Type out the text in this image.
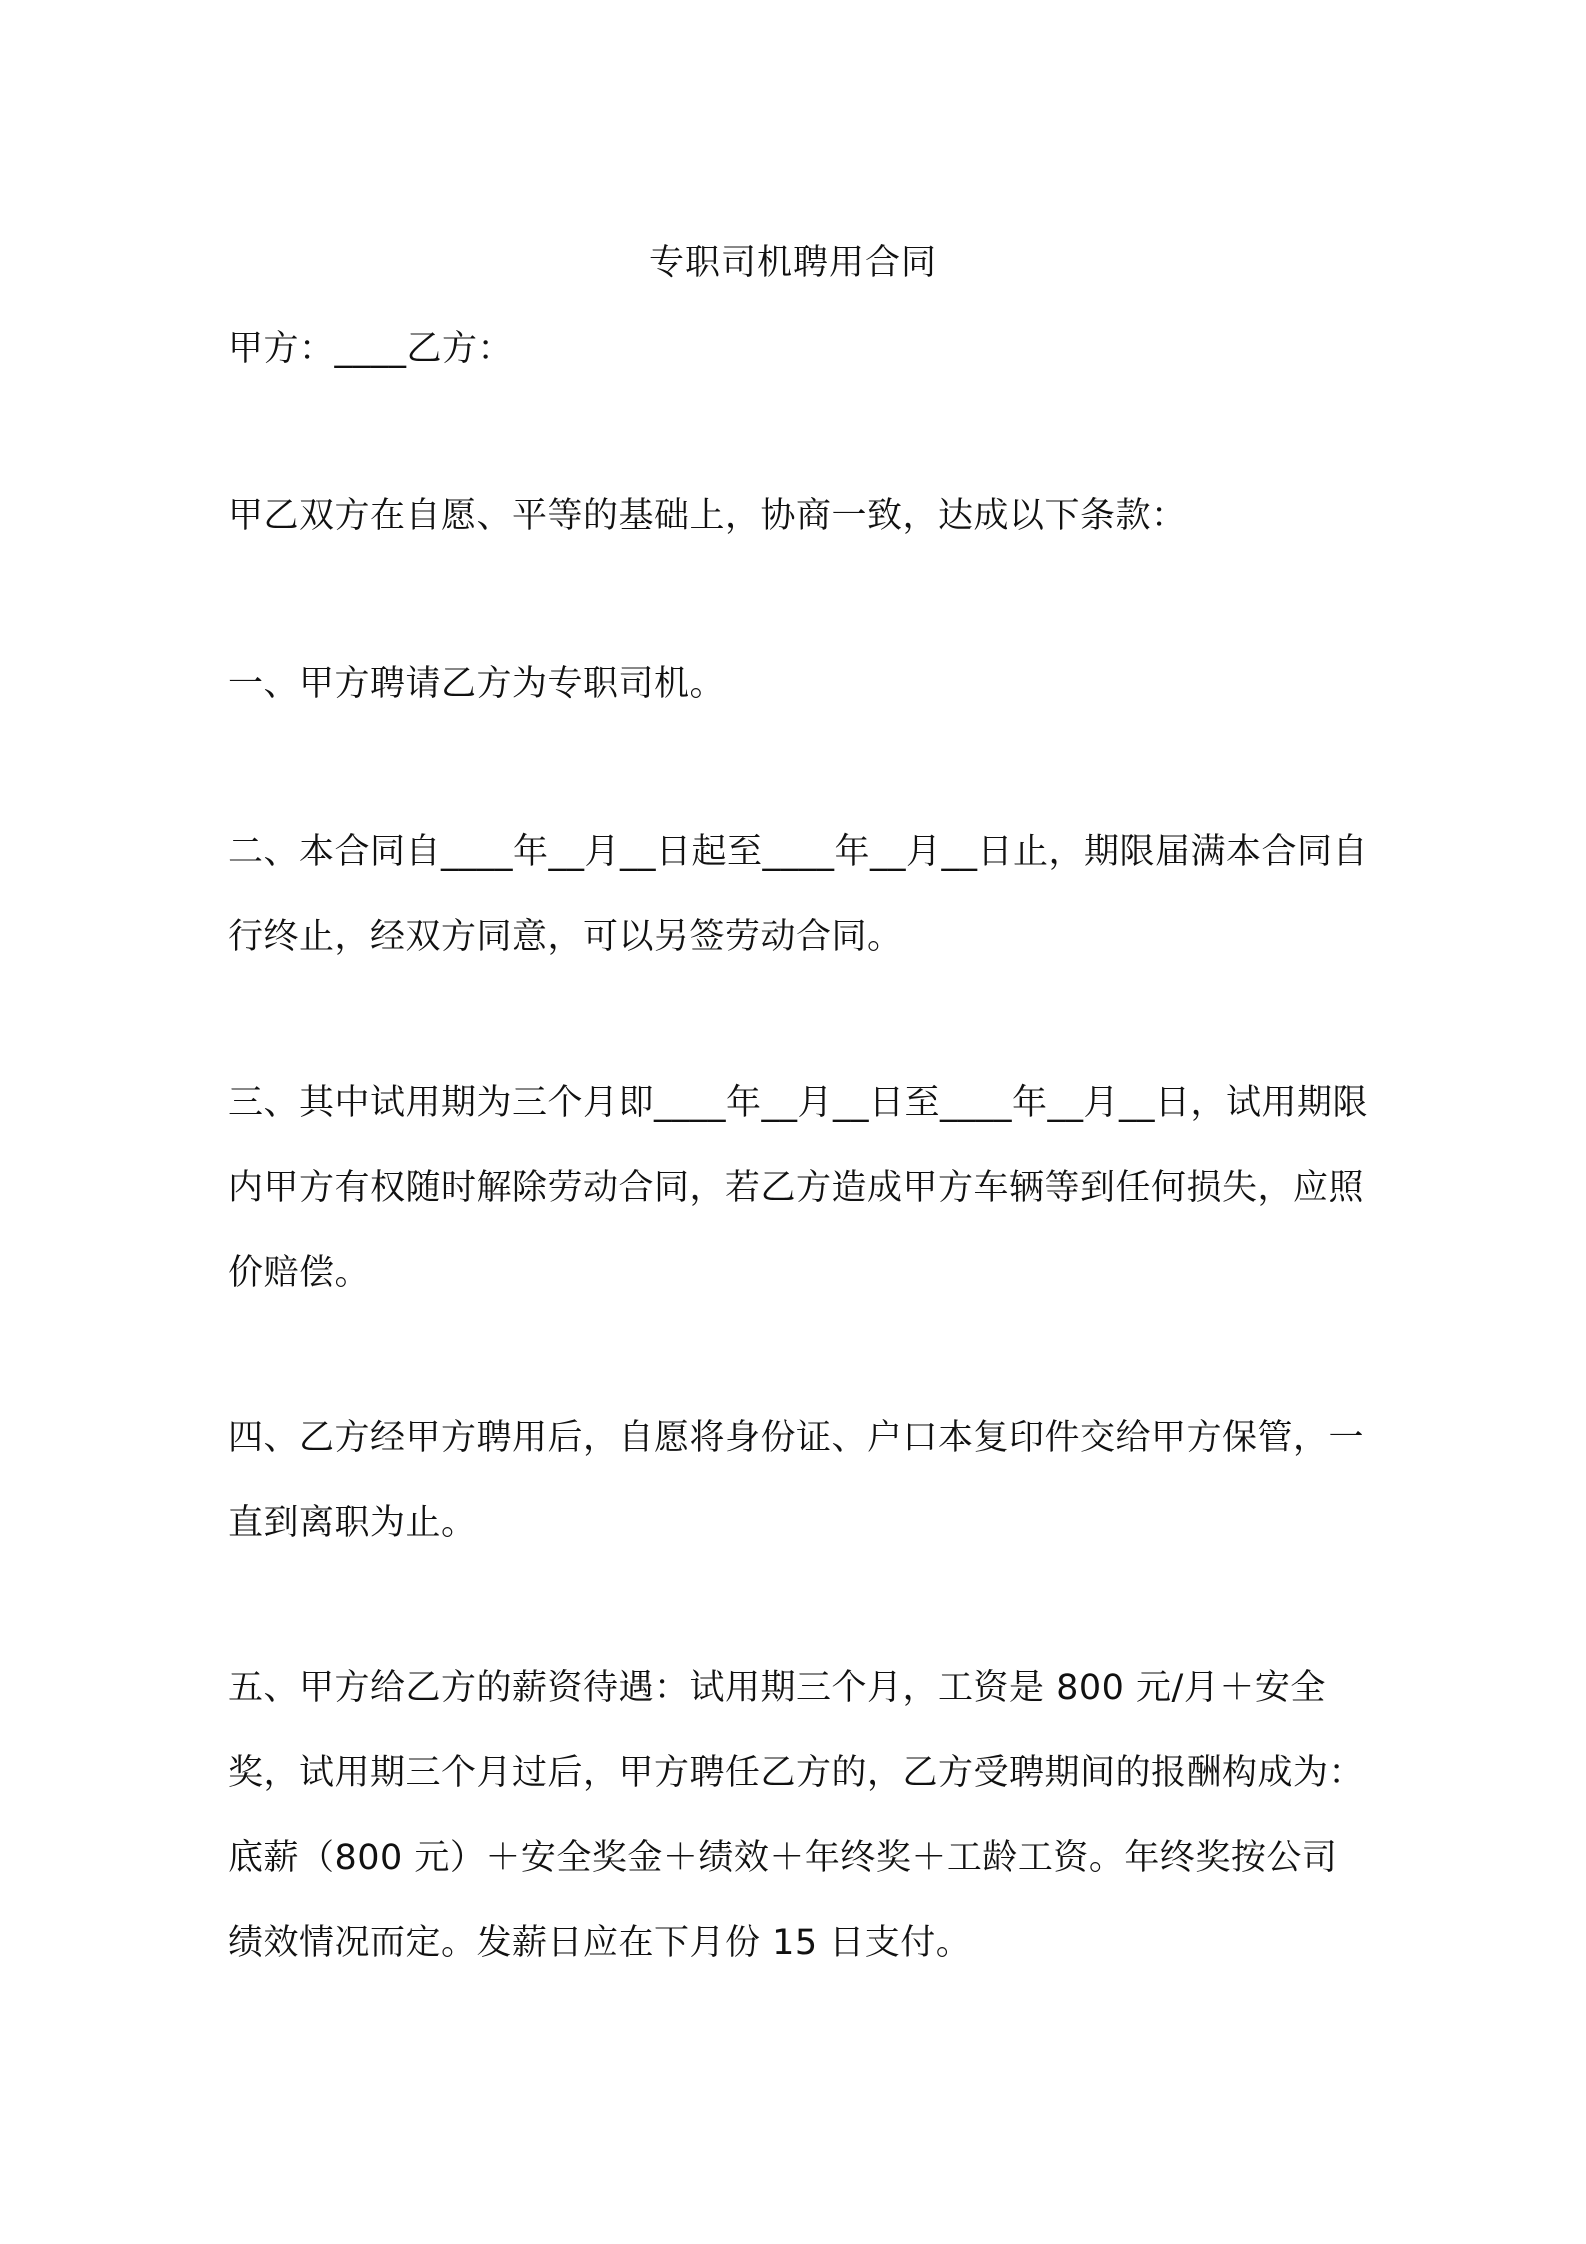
专职司机聘用合同

甲方：____乙方：

甲乙双方在自愿、平等的基础上，协商一致，达成以下条款：

一、甲方聘请乙方为专职司机。

二、本合同自____年__月__日起至____年__月__日止，期限届满本合同自行终止，经双方同意，可以另签劳动合同。

三、其中试用期为三个月即____年__月__日至____年__月__日，试用期限内甲方有权随时解除劳动合同，若乙方造成甲方车辆等到任何损失，应照价赔偿。

四、乙方经甲方聘用后，自愿将身份证、户口本复印件交给甲方保管，一直到离职为止。

五、甲方给乙方的薪资待遇：试用期三个月，工资是 800 元/月＋安全奖，试用期三个月过后，甲方聘任乙方的，乙方受聘期间的报酬构成为：底薪（800 元）＋安全奖金＋绩效＋年终奖＋工龄工资。年终奖按公司绩效情况而定。发薪日应在下月份 15 日支付。
